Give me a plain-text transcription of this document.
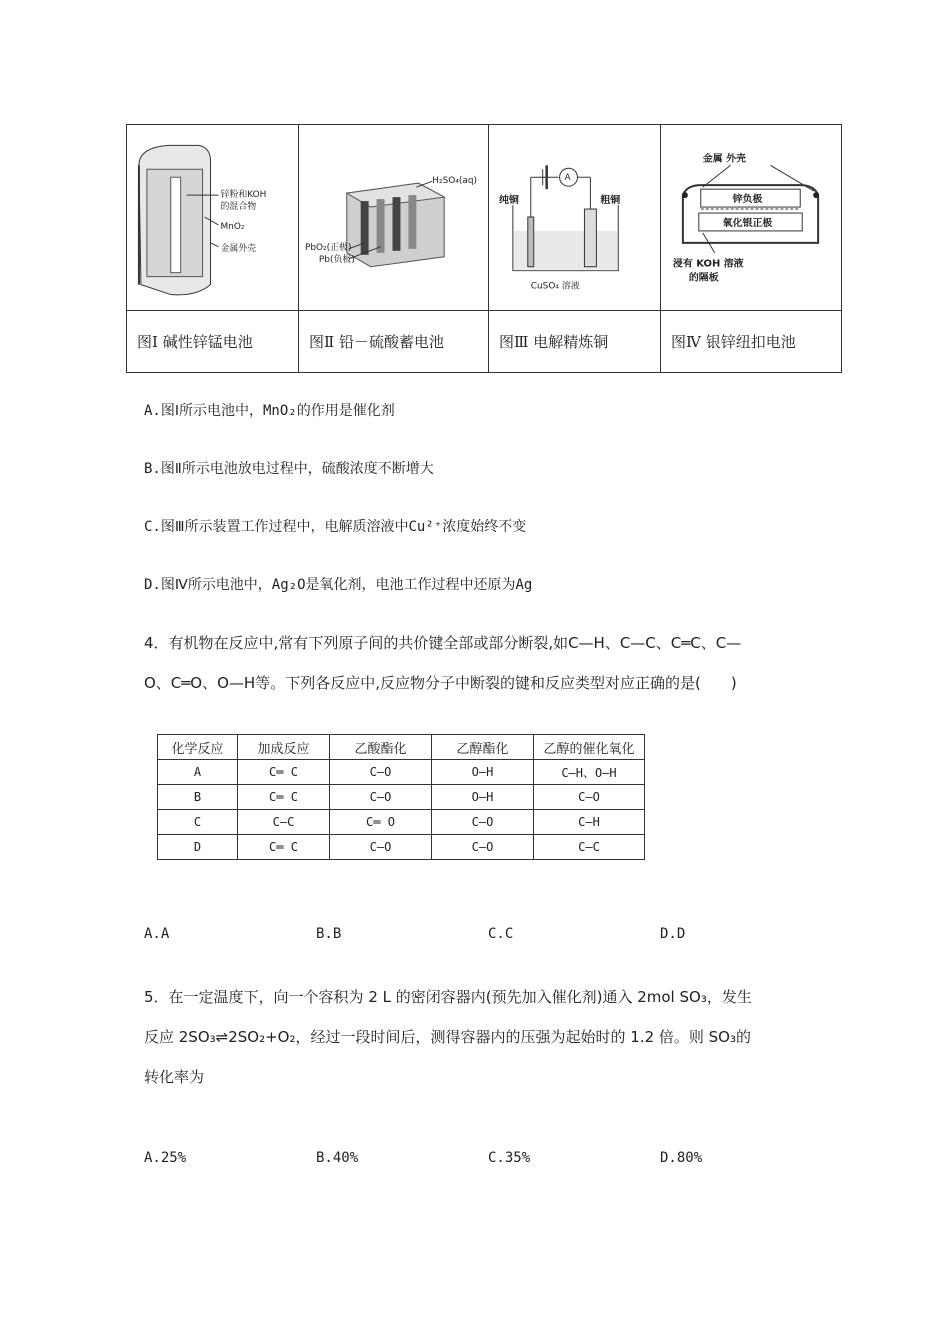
锌粉和KOH
的混合物
MnO₂
金属外壳	H₂SO₄(aq)
PbO₂(正极)
Pb(负极)	A
纯铜 粗铜
CuSO₄ 溶液	金属 外壳
锌负极
氧化银正极
浸有 KOH 溶液
的隔板

图Ⅰ 碱性锌锰电池	图Ⅱ 铅－硫酸蓄电池	图Ⅲ 电解精炼铜	图Ⅳ 银锌纽扣电池
A.图Ⅰ所示电池中，MnO₂的作用是催化剂
B.图Ⅱ所示电池放电过程中，硫酸浓度不断增大
C.图Ⅲ所示装置工作过程中，电解质溶液中Cu²⁺浓度始终不变
D.图Ⅳ所示电池中，Ag₂O是氧化剂，电池工作过程中还原为Ag
4．有机物在反应中,常有下列原子间的共价键全部或部分断裂,如C—H、C—C、C═C、C—
O、C═O、O—H等。下列各反应中,反应物分子中断裂的键和反应类型对应正确的是(　　)
化学反应	加成反应	乙酸酯化	乙醇酯化	乙醇的催化氧化
A	C═ C	C—O	O—H	C—H、O—H
B	C═ C	C—O	O—H	C—O
C	C—C	C═ O	C—O	C—H
D	C═ C	C—O	C—O	C—C
A.A	B.B	C.C	D.D
5．在一定温度下，向一个容积为 2 L 的密闭容器内(预先加入催化剂)通入 2mol SO₃，发生
反应 2SO₃⇌2SO₂+O₂，经过一段时间后，测得容器内的压强为起始时的 1.2 倍。则 SO₃的
转化率为
A.25%	B.40%	C.35%	D.80%
